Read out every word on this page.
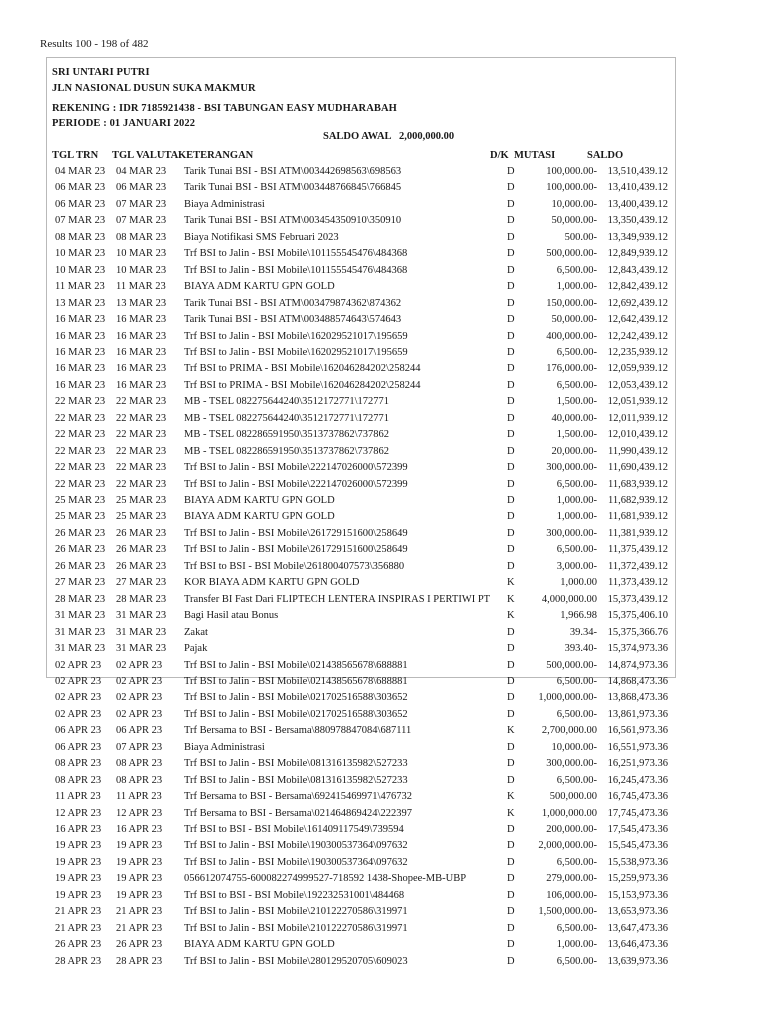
Results 100 - 198 of 482
SRI UNTARI PUTRI
JLN NASIONAL DUSUN SUKA MAKMUR
REKENING : IDR 7185921438 - BSI TABUNGAN EASY MUDHARABAH
PERIODE : 01 JANUARI 2022
SALDO AWAL 2,000,000.00
TGL TRN TGL VALUTA KETERANGAN	D/K MUTASI	SALDO
04 MAR 23 04 MAR 23 Tarik Tunai BSI - BSI ATM\003442698563\698563	D	100,000.00- 13,510,439.12
06 MAR 23 06 MAR 23 Tarik Tunai BSI - BSI ATM\003448766845\766845	D	100,000.00- 13,410,439.12
06 MAR 23 07 MAR 23 Biaya Administrasi	D	10,000.00- 13,400,439.12
07 MAR 23 07 MAR 23 Tarik Tunai BSI - BSI ATM\003454350910\350910	D	50,000.00- 13,350,439.12
08 MAR 23 08 MAR 23 Biaya Notifikasi SMS Februari 2023	D	500.00- 13,349,939.12
10 MAR 23 10 MAR 23 Trf BSI to Jalin - BSI Mobile\101155545476\484368	D	500,000.00- 12,849,939.12
10 MAR 23 10 MAR 23 Trf BSI to Jalin - BSI Mobile\101155545476\484368	D	6,500.00- 12,843,439.12
11 MAR 23 11 MAR 23 BIAYA ADM KARTU GPN GOLD	D	1,000.00- 12,842,439.12
13 MAR 23 13 MAR 23 Tarik Tunai BSI - BSI ATM\003479874362\874362	D	150,000.00- 12,692,439.12
16 MAR 23 16 MAR 23 Tarik Tunai BSI - BSI ATM\003488574643\574643	D	50,000.00- 12,642,439.12
16 MAR 23 16 MAR 23 Trf BSI to Jalin - BSI Mobile\162029521017\195659	D	400,000.00- 12,242,439.12
16 MAR 23 16 MAR 23 Trf BSI to Jalin - BSI Mobile\162029521017\195659	D	6,500.00- 12,235,939.12
16 MAR 23 16 MAR 23 Trf BSI to PRIMA - BSI Mobile\162046284202\258244	D	176,000.00- 12,059,939.12
16 MAR 23 16 MAR 23 Trf BSI to PRIMA - BSI Mobile\162046284202\258244	D	6,500.00- 12,053,439.12
22 MAR 23 22 MAR 23 MB - TSEL 082275644240\3512172771\172771	D	1,500.00- 12,051,939.12
22 MAR 23 22 MAR 23 MB - TSEL 082275644240\3512172771\172771	D	40,000.00- 12,011,939.12
22 MAR 23 22 MAR 23 MB - TSEL 082286591950\3513737862\737862	D	1,500.00- 12,010,439.12
22 MAR 23 22 MAR 23 MB - TSEL 082286591950\3513737862\737862	D	20,000.00- 11,990,439.12
22 MAR 23 22 MAR 23 Trf BSI to Jalin - BSI Mobile\222147026000\572399	D	300,000.00- 11,690,439.12
22 MAR 23 22 MAR 23 Trf BSI to Jalin - BSI Mobile\222147026000\572399	D	6,500.00- 11,683,939.12
25 MAR 23 25 MAR 23 BIAYA ADM KARTU GPN GOLD	D	1,000.00- 11,682,939.12
25 MAR 23 25 MAR 23 BIAYA ADM KARTU GPN GOLD	D	1,000.00- 11,681,939.12
26 MAR 23 26 MAR 23 Trf BSI to Jalin - BSI Mobile\261729151600\258649	D	300,000.00- 11,381,939.12
26 MAR 23 26 MAR 23 Trf BSI to Jalin - BSI Mobile\261729151600\258649	D	6,500.00- 11,375,439.12
26 MAR 23 26 MAR 23 Trf BSI to BSI - BSI Mobile\261800407573\356880	D	3,000.00- 11,372,439.12
27 MAR 23 27 MAR 23 KOR BIAYA ADM KARTU GPN GOLD	K	1,000.00 11,373,439.12
28 MAR 23 28 MAR 23 Transfer BI Fast Dari FLIPTECH LENTERA INSPIRAS I PERTIWI PT K	4,000,000.00 15,373,439.12
31 MAR 23 31 MAR 23 Bagi Hasil atau Bonus	K	1,966.98 15,375,406.10
31 MAR 23 31 MAR 23 Zakat	D	39.34- 15,375,366.76
31 MAR 23 31 MAR 23 Pajak	D	393.40- 15,374,973.36
02 APR 23 02 APR 23 Trf BSI to Jalin - BSI Mobile\021438565678\688881	D	500,000.00- 14,874,973.36
02 APR 23 02 APR 23 Trf BSI to Jalin - BSI Mobile\021438565678\688881	D	6,500.00- 14,868,473.36
02 APR 23 02 APR 23 Trf BSI to Jalin - BSI Mobile\021702516588\303652	D 1,000,000.00- 13,868,473.36
02 APR 23 02 APR 23 Trf BSI to Jalin - BSI Mobile\021702516588\303652	D	6,500.00- 13,861,973.36
06 APR 23 06 APR 23 Trf Bersama to BSI - Bersama\880978847084\687111	K	2,700,000.00 16,561,973.36
06 APR 23 07 APR 23 Biaya Administrasi	D	10,000.00- 16,551,973.36
08 APR 23 08 APR 23 Trf BSI to Jalin - BSI Mobile\081316135982\527233	D	300,000.00- 16,251,973.36
08 APR 23 08 APR 23 Trf BSI to Jalin - BSI Mobile\081316135982\527233	D	6,500.00- 16,245,473.36
11 APR 23 11 APR 23 Trf Bersama to BSI - Bersama\692415469971\476732	K	500,000.00 16,745,473.36
12 APR 23 12 APR 23 Trf Bersama to BSI - Bersama\021464869424\222397	K	1,000,000.00 17,745,473.36
16 APR 23 16 APR 23 Trf BSI to BSI - BSI Mobile\161409117549\739594	D	200,000.00- 17,545,473.36
19 APR 23 19 APR 23 Trf BSI to Jalin - BSI Mobile\190300537364\097632	D 2,000,000.00- 15,545,473.36
19 APR 23 19 APR 23 Trf BSI to Jalin - BSI Mobile\190300537364\097632	D	6,500.00- 15,538,973.36
19 APR 23 19 APR 23 056612074755-600082274999527-718592 1438-Shopee-MB-UBP	D	279,000.00- 15,259,973.36
19 APR 23 19 APR 23 Trf BSI to BSI - BSI Mobile\192232531001\484468	D	106,000.00- 15,153,973.36
21 APR 23 21 APR 23 Trf BSI to Jalin - BSI Mobile\210122270586\319971	D 1,500,000.00- 13,653,973.36
21 APR 23 21 APR 23 Trf BSI to Jalin - BSI Mobile\210122270586\319971	D	6,500.00- 13,647,473.36
26 APR 23 26 APR 23 BIAYA ADM KARTU GPN GOLD	D	1,000.00- 13,646,473.36
28 APR 23 28 APR 23 Trf BSI to Jalin - BSI Mobile\280129520705\609023	D	6,500.00- 13,639,973.36
